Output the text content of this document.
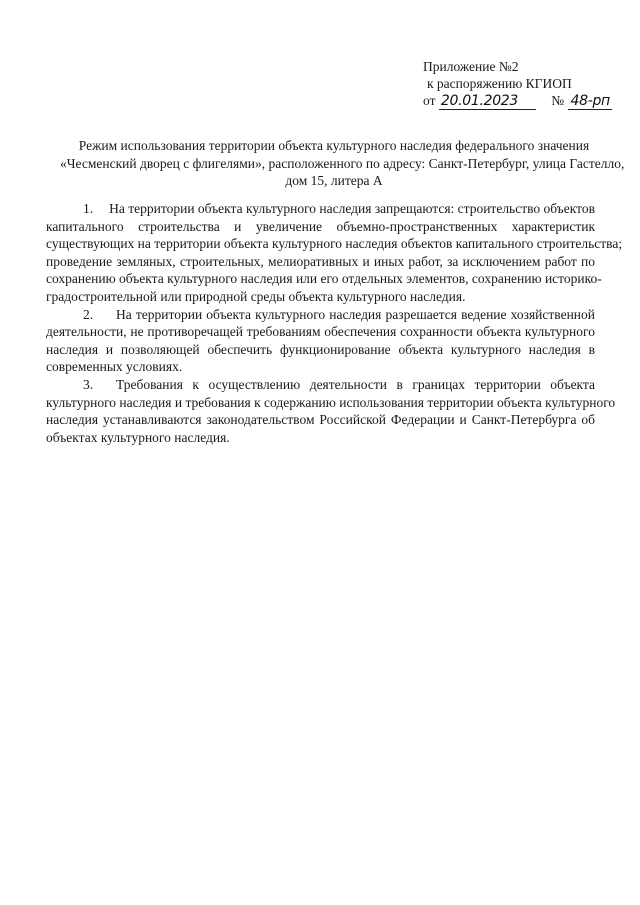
Приложение №2
к распоряжению КГИОП
от 20.01.2023 № 48-рп
Режим использования территории объекта культурного наследия федерального значения
«Чесменский дворец с флигелями», расположенного по адресу: Санкт-Петербург, улица Гастелло,
дом 15, литера А
1.	На территории объекта культурного наследия запрещаются: строительство объектов
капитального строительства и увеличение объемно-пространственных характеристик
существующих на территории объекта культурного наследия объектов капитального строительства;
проведение земляных, строительных, мелиоративных и иных работ, за исключением работ по
сохранению объекта культурного наследия или его отдельных элементов, сохранению историко-
градостроительной или природной среды объекта культурного наследия.
2.	На территории объекта культурного наследия разрешается ведение хозяйственной
деятельности, не противоречащей требованиям обеспечения сохранности объекта культурного
наследия и позволяющей обеспечить функционирование объекта культурного наследия в
современных условиях.
3.	Требования к осуществлению деятельности в границах территории объекта
культурного наследия и требования к содержанию использования территории объекта культурного
наследия устанавливаются законодательством Российской Федерации и Санкт-Петербурга об
объектах культурного наследия.
